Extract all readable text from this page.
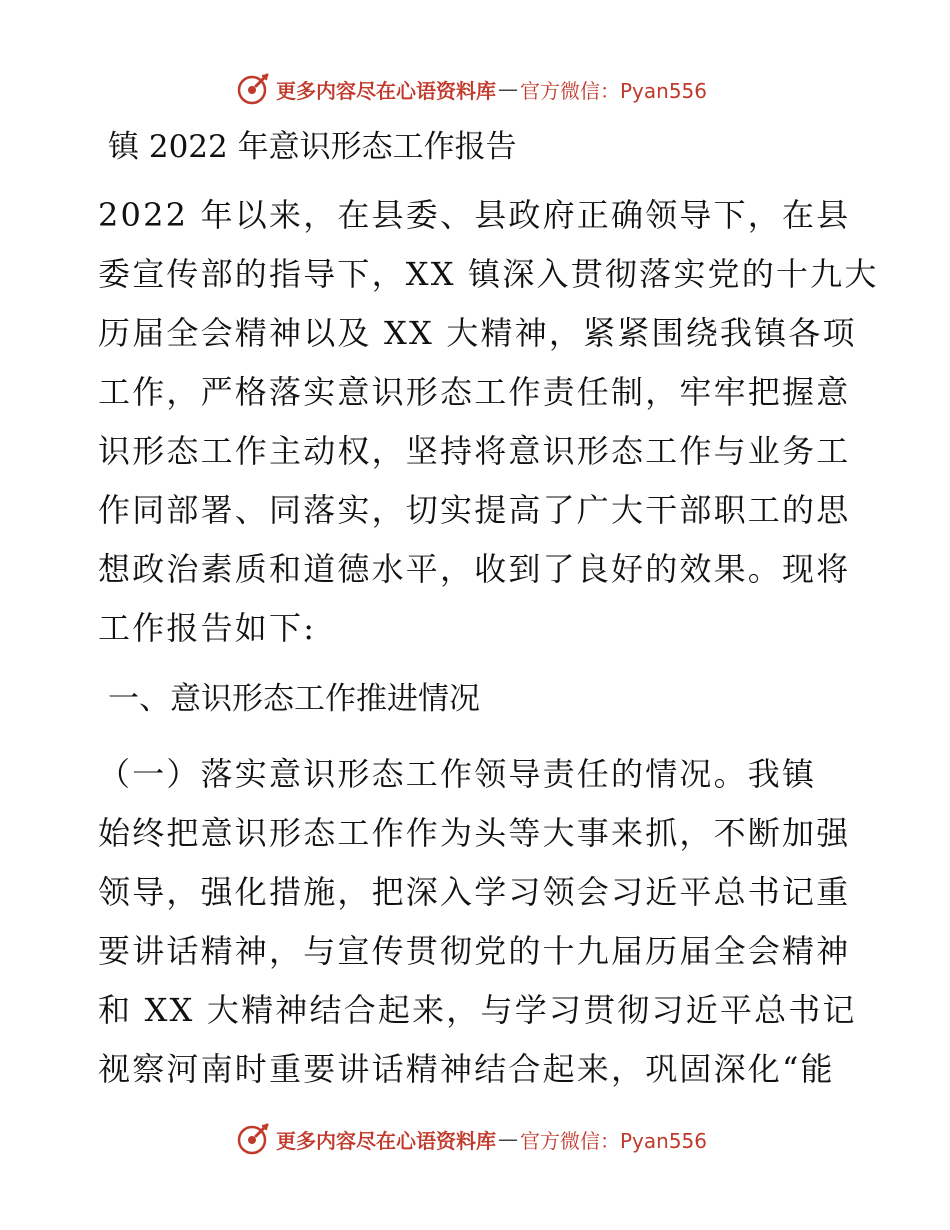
更多内容尽在心语资料库 — 官方微信：Pyan556
镇 2022 年意识形态工作报告

2022 年以来，在县委、县政府正确领导下，在县
委宣传部的指导下，XX 镇深入贯彻落实党的十九大
历届全会精神以及 XX 大精神，紧紧围绕我镇各项
工作，严格落实意识形态工作责任制，牢牢把握意
识形态工作主动权，坚持将意识形态工作与业务工
作同部署、同落实，切实提高了广大干部职工的思
想政治素质和道德水平，收到了良好的效果。现将
工作报告如下:

一、意识形态工作推进情况

（一）落实意识形态工作领导责任的情况。我镇
始终把意识形态工作作为头等大事来抓，不断加强
领导，强化措施，把深入学习领会习近平总书记重
要讲话精神，与宣传贯彻党的十九届历届全会精神
和 XX 大精神结合起来，与学习贯彻习近平总书记
视察河南时重要讲话精神结合起来，巩固深化“能

更多内容尽在心语资料库 — 官方微信：Pyan556
